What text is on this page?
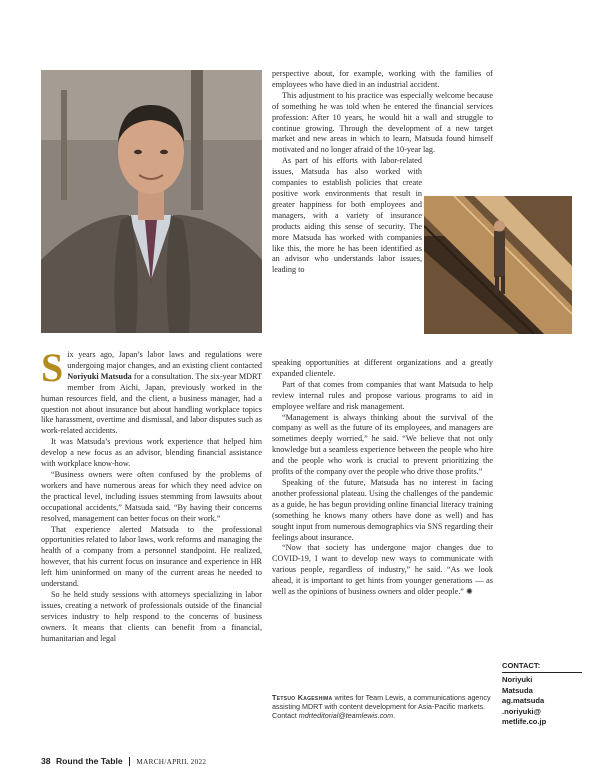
Six years ago, Japan’s labor laws and regulations were undergoing major changes, and an existing client contacted Noriyuki Matsuda for a consultation. The six-year MDRT member from Aichi, Japan, previously worked in the human resources field, and the client, a business manager, had a question not about insurance but about handling workplace topics like harassment, overtime and dismissal, and labor disputes such as work-related accidents.

It was Matsuda’s previous work experience that helped him develop a new focus as an advisor, blending financial assistance with workplace know-how.

“Business owners were often confused by the problems of workers and have numerous areas for which they need advice on the practical level, including issues stemming from lawsuits about occupational accidents,” Matsuda said. “By having their concerns resolved, management can better focus on their work.”

That experience alerted Matsuda to the professional opportunities related to labor laws, work reforms and managing the health of a company from a personnel standpoint. He realized, however, that his current focus on insurance and experience in HR left him uninformed on many of the current areas he needed to understand.

So he held study sessions with attorneys specializing in labor issues, creating a network of professionals outside of the financial services industry to help respond to the concerns of business owners. It means that clients can benefit from a financial, humanitarian and legal

perspective about, for example, working with the families of employees who have died in an industrial accident.

This adjustment to his practice was especially welcome because of something he was told when he entered the financial services profession: After 10 years, he would hit a wall and struggle to continue growing. Through the development of a new target market and new areas in which to learn, Matsuda found himself motivated and no longer afraid of the 10-year lag.

As part of his efforts with labor-related issues, Matsuda has also worked with companies to establish policies that create positive work environments that result in greater happiness for both employees and managers, with a variety of insurance products aiding this sense of security. The more Matsuda has worked with companies like this, the more he has been identified as an advisor who understands labor issues, leading to

speaking opportunities at different organizations and a greatly expanded clientele.

Part of that comes from companies that want Matsuda to help review internal rules and propose various programs to aid in employee welfare and risk management.

“Management is always thinking about the survival of the company as well as the future of its employees, and managers are sometimes deeply worried,” he said. “We believe that not only knowledge but a seamless experience between the people who hire and the people who work is crucial to prevent prioritizing the profits of the company over the people who drive those profits.”

Speaking of the future, Matsuda has no interest in facing another professional plateau. Using the challenges of the pandemic as a guide, he has begun providing online financial literacy training (something he knows many others have done as well) and has sought input from numerous demographics via SNS regarding their feelings about insurance.

“Now that society has undergone major changes due to COVID-19, I want to develop new ways to communicate with various people, regardless of industry,” he said. “As we look ahead, it is important to get hints from younger generations — as well as the opinions of business owners and older people.” ✺

Tetsuo Kageshima writes for Team Lewis, a communications agency assisting MDRT with content development for Asia-Pacific markets. Contact mdrteditorial@teamlewis.com.
CONTACT:
Noriyuki
Matsuda
ag.matsuda
.noriyuki@
metlife.co.jp
38 Round the Table MARCH/APRIL 2022
